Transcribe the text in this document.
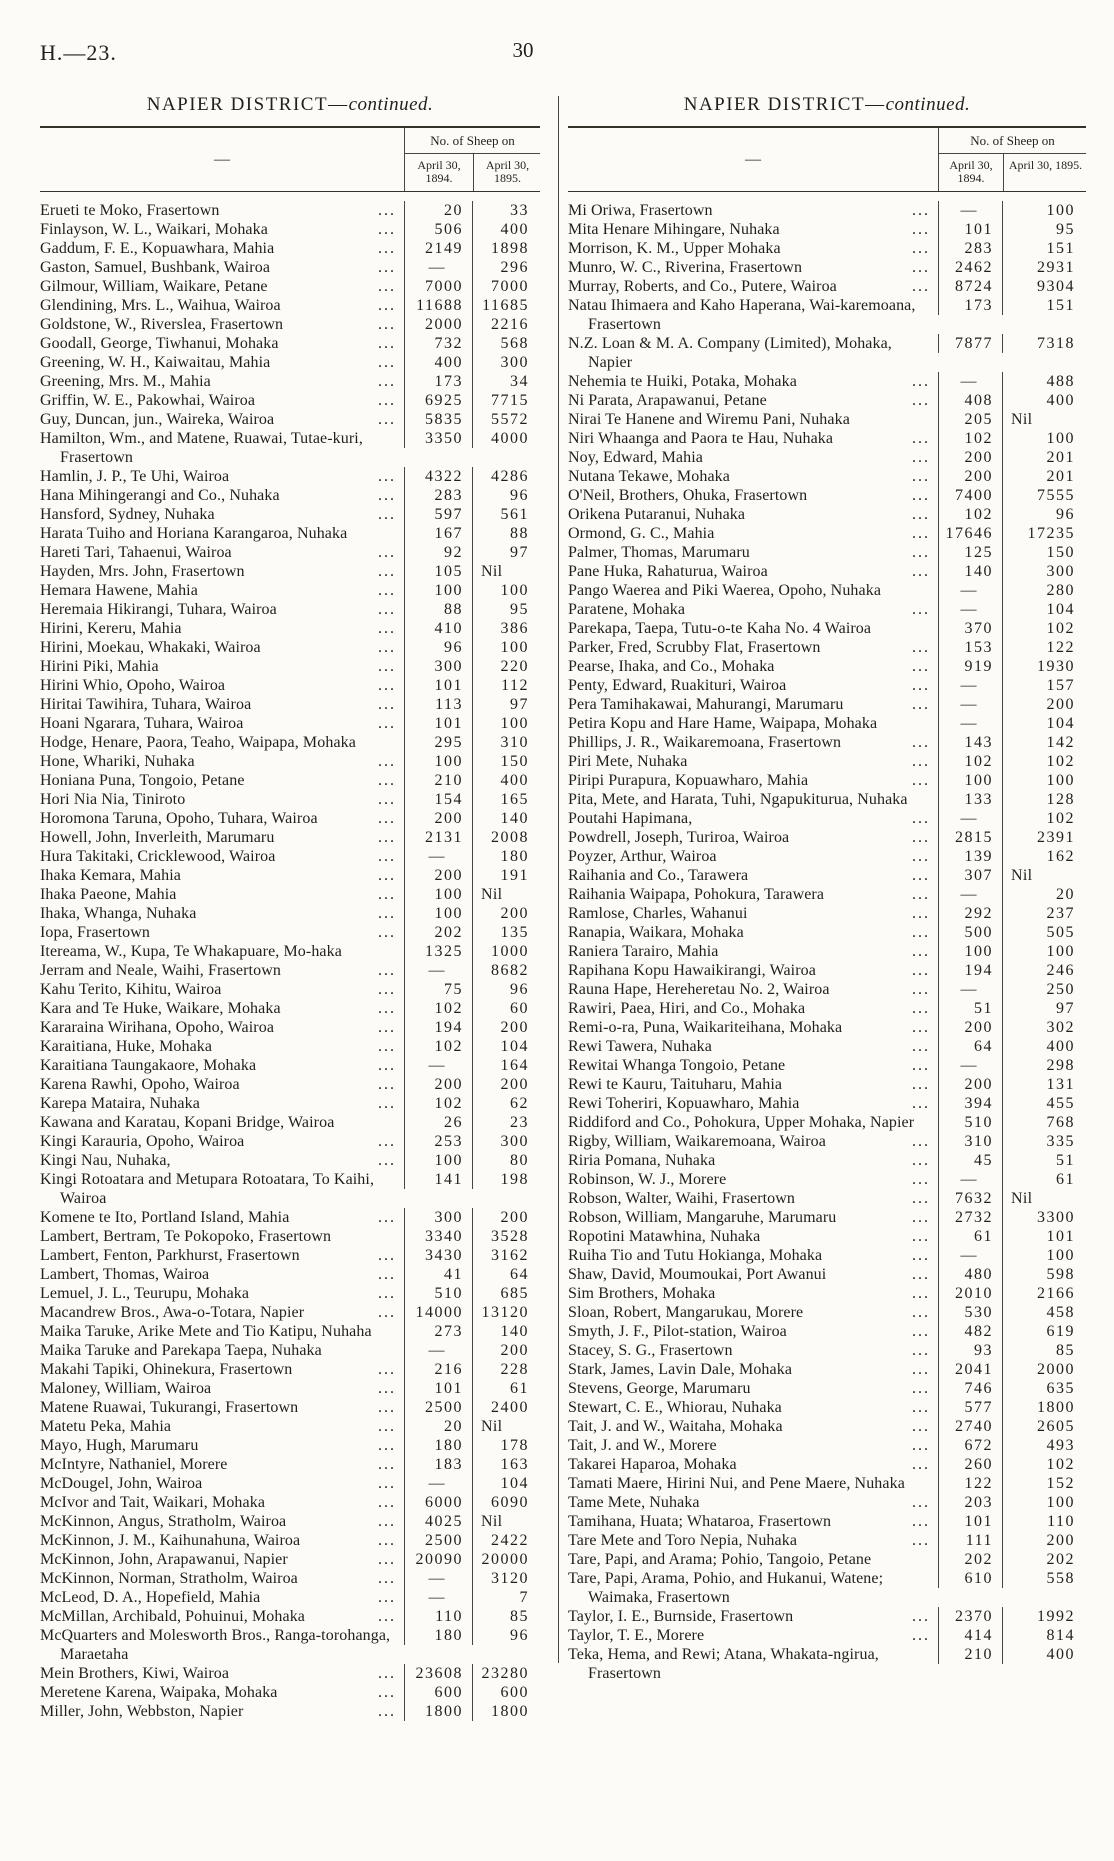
H.—23.	30
NAPIER DISTRICT—continued.
—
No. of Sheep on
April 30, 1894.
April 30, 1895.
Erueti te Moko, Frasertown	...	20	33
Finlayson, W. L., Waikari, Mohaka	...	506	400
Gaddum, F. E., Kopuawhara, Mahia	...	2149	1898
Gaston, Samuel, Bushbank, Wairoa	...	—	296
Gilmour, William, Waikare, Petane	...	7000	7000
Glendining, Mrs. L., Waihua, Wairoa	...	11688	11685
Goldstone, W., Riverslea, Frasertown	...	2000	2216
Goodall, George, Tiwhanui, Mohaka	...	732	568
Greening, W. H., Kaiwaitau, Mahia	...	400	300
Greening, Mrs. M., Mahia	...	173	34
Griffin, W. E., Pakowhai, Wairoa	...	6925	7715
Guy, Duncan, jun., Waireka, Wairoa	...	5835	5572
Hamilton, Wm., and Matene, Ruawai, Tutae-kuri, Frasertown
3350	4000
Hamlin, J. P., Te Uhi, Wairoa	...	4322	4286
Hana Mihingerangi and Co., Nuhaka	...	283	96
Hansford, Sydney, Nuhaka	...	597	561
Harata Tuiho and Horiana Karangaroa, Nuhaka	167	88
Hareti Tari, Tahaenui, Wairoa	...	92	97
Hayden, Mrs. John, Frasertown	...	105	Nil
Hemara Hawene, Mahia	...	100	100
Heremaia Hikirangi, Tuhara, Wairoa	...	88	95
Hirini, Kereru, Mahia	...	410	386
Hirini, Moekau, Whakaki, Wairoa	...	96	100
Hirini Piki, Mahia	...	300	220
Hirini Whio, Opoho, Wairoa	...	101	112
Hiritai Tawihira, Tuhara, Wairoa	...	113	97
Hoani Ngarara, Tuhara, Wairoa	...	101	100
Hodge, Henare, Paora, Teaho, Waipapa, Mohaka	295	310
Hone, Whariki, Nuhaka	...	100	150
Honiana Puna, Tongoio, Petane	...	210	400
Hori Nia Nia, Tiniroto	...	154	165
Horomona Taruna, Opoho, Tuhara, Wairoa	...	200	140
Howell, John, Inverleith, Marumaru	...	2131	2008
Hura Takitaki, Cricklewood, Wairoa	...	—	180
Ihaka Kemara, Mahia	...	200	191
Ihaka Paeone, Mahia	...	100	Nil
Ihaka, Whanga, Nuhaka	...	100	200
Iopa, Frasertown	...	202	135
Itereama, W., Kupa, Te Whakapuare, Mo-haka	1325	1000
Jerram and Neale, Waihi, Frasertown	...	—	8682
Kahu Terito, Kihitu, Wairoa	...	75	96
Kara and Te Huke, Waikare, Mohaka	...	102	60
Kararaina Wirihana, Opoho, Wairoa	...	194	200
Karaitiana, Huke, Mohaka	...	102	104
Karaitiana Taungakaore, Mohaka	...	—	164
Karena Rawhi, Opoho, Wairoa	...	200	200
Karepa Mataira, Nuhaka	...	102	62
Kawana and Karatau, Kopani Bridge, Wairoa	26	23
Kingi Karauria, Opoho, Wairoa	...	253	300
Kingi Nau, Nuhaka,	...	100	80
Kingi Rotoatara and Metupara Rotoatara, To Kaihi, Wairoa
141	198
Komene te Ito, Portland Island, Mahia	...	300	200
Lambert, Bertram, Te Pokopoko, Frasertown	3340	3528
Lambert, Fenton, Parkhurst, Frasertown	...	3430	3162
Lambert, Thomas, Wairoa	...	41	64
Lemuel, J. L., Teurupu, Mohaka	...	510	685
Macandrew Bros., Awa-o-Totara, Napier	...	14000	13120
Maika Taruke, Arike Mete and Tio Katipu, Nuhaha	273	140
Maika Taruke and Parekapa Taepa, Nuhaka	—	200
Makahi Tapiki, Ohinekura, Frasertown	...	216	228
Maloney, William, Wairoa	...	101	61
Matene Ruawai, Tukurangi, Frasertown	...	2500	2400
Matetu Peka, Mahia	...	20	Nil
Mayo, Hugh, Marumaru	...	180	178
McIntyre, Nathaniel, Morere	...	183	163
McDougel, John, Wairoa	...	—	104
McIvor and Tait, Waikari, Mohaka	...	6000	6090
McKinnon, Angus, Stratholm, Wairoa	...	4025	Nil
McKinnon, J. M., Kaihunahuna, Wairoa	...	2500	2422
McKinnon, John, Arapawanui, Napier	...	20090	20000
McKinnon, Norman, Stratholm, Wairoa	...	—	3120
McLeod, D. A., Hopefield, Mahia	...	—	7
McMillan, Archibald, Pohuinui, Mohaka	...	110	85
McQuarters and Molesworth Bros., Ranga-torohanga, Maraetaha
180	96
Mein Brothers, Kiwi, Wairoa	...	23608	23280
Meretene Karena, Waipaka, Mohaka	...	600	600
Miller, John, Webbston, Napier	...	1800	1800
NAPIER DISTRICT—continued.
—
No. of Sheep on
April 30, 1894.
April 30, 1895.
Mi Oriwa, Frasertown	...	—	100
Mita Henare Mihingare, Nuhaka	...	101	95
Morrison, K. M., Upper Mohaka	...	283	151
Munro, W. C., Riverina, Frasertown	...	2462	2931
Murray, Roberts, and Co., Putere, Wairoa	...	8724	9304
Natau Ihimaera and Kaho Haperana, Wai-karemoana, Frasertown
173	151
N.Z. Loan & M. A. Company (Limited), Mohaka, Napier
7877	7318
Nehemia te Huiki, Potaka, Mohaka	...	—	488
Ni Parata, Arapawanui, Petane	...	408	400
Nirai Te Hanene and Wiremu Pani, Nuhaka	205	Nil
Niri Whaanga and Paora te Hau, Nuhaka	...	102	100
Noy, Edward, Mahia	...	200	201
Nutana Tekawe, Mohaka	...	200	201
O'Neil, Brothers, Ohuka, Frasertown	...	7400	7555
Orikena Putaranui, Nuhaka	...	102	96
Ormond, G. C., Mahia	... 17646	17235
Palmer, Thomas, Marumaru	...	125	150
Pane Huka, Rahaturua, Wairoa	...	140	300
Pango Waerea and Piki Waerea, Opoho, Nuhaka	—	280
Paratene, Mohaka	...	—	104
Parekapa, Taepa, Tutu-o-te Kaha No. 4 Wairoa	370	102
Parker, Fred, Scrubby Flat, Frasertown	...	153	122
Pearse, Ihaka, and Co., Mohaka	...	919	1930
Penty, Edward, Ruakituri, Wairoa	...	—	157
Pera Tamihakawai, Mahurangi, Marumaru	...	—	200
Petira Kopu and Hare Hame, Waipapa, Mohaka	—	104
Phillips, J. R., Waikaremoana, Frasertown	...	143	142
Piri Mete, Nuhaka	...	102	102
Piripi Purapura, Kopuawharo, Mahia	...	100	100
Pita, Mete, and Harata, Tuhi, Ngapukiturua, Nuhaka	133	128
Poutahi Hapimana,	...	—	102
Powdrell, Joseph, Turiroa, Wairoa	...	2815	2391
Poyzer, Arthur, Wairoa	...	139	162
Raihania and Co., Tarawera	...	307	Nil
Raihania Waipapa, Pohokura, Tarawera	...	—	20
Ramlose, Charles, Wahanui	...	292	237
Ranapia, Waikara, Mohaka	...	500	505
Raniera Tarairo, Mahia	...	100	100
Rapihana Kopu Hawaikirangi, Wairoa	...	194	246
Rauna Hape, Hereheretau No. 2, Wairoa	...	—	250
Rawiri, Paea, Hiri, and Co., Mohaka	...	51	97
Remi-o-ra, Puna, Waikariteihana, Mohaka	...	200	302
Rewi Tawera, Nuhaka	...	64	400
Rewitai Whanga Tongoio, Petane	...	—	298
Rewi te Kauru, Taituharu, Mahia	...	200	131
Rewi Toheriri, Kopuawharo, Mahia	...	394	455
Riddiford and Co., Pohokura, Upper Mohaka, Napier	510	768
Rigby, William, Waikaremoana, Wairoa	...	310	335
Riria Pomana, Nuhaka	...	45	51
Robinson, W. J., Morere	...	—	61
Robson, Walter, Waihi, Frasertown	...	7632	Nil
Robson, William, Mangaruhe, Marumaru	...	2732	3300
Ropotini Matawhina, Nuhaka	...	61	101
Ruiha Tio and Tutu Hokianga, Mohaka	...	—	100
Shaw, David, Moumoukai, Port Awanui	...	480	598
Sim Brothers, Mohaka	...	2010	2166
Sloan, Robert, Mangarukau, Morere	...	530	458
Smyth, J. F., Pilot-station, Wairoa	...	482	619
Stacey, S. G., Frasertown	...	93	85
Stark, James, Lavin Dale, Mohaka	...	2041	2000
Stevens, George, Marumaru	...	746	635
Stewart, C. E., Whiorau, Nuhaka	...	577	1800
Tait, J. and W., Waitaha, Mohaka	...	2740	2605
Tait, J. and W., Morere	...	672	493
Takarei Haparoa, Mohaka	...	260	102
Tamati Maere, Hirini Nui, and Pene Maere, Nuhaka	122	152
Tame Mete, Nuhaka	...	203	100
Tamihana, Huata; Whataroa, Frasertown	...	101	110
Tare Mete and Toro Nepia, Nuhaka	...	111	200
Tare, Papi, and Arama; Pohio, Tangoio, Petane	202	202
Tare, Papi, Arama, Pohio, and Hukanui, Watene; Waimaka, Frasertown
610	558
Taylor, I. E., Burnside, Frasertown	...	2370	1992
Taylor, T. E., Morere	...	414	814
Teka, Hema, and Rewi; Atana, Whakata-ngirua, Frasertown
210	400
